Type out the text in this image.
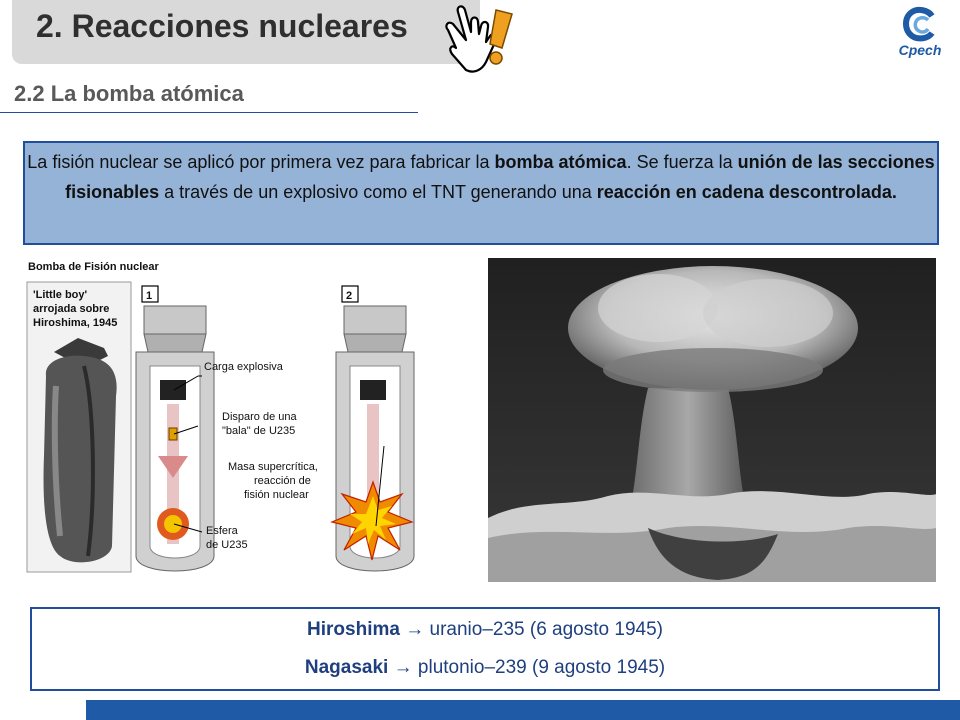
2. Reacciones nucleares
Cpech
2.2 La bomba atómica
La fisión nuclear se aplicó por primera vez para fabricar la bomba atómica. Se fuerza la unión de las secciones fisionables a través de un explosivo como el TNT generando una reacción en cadena descontrolada.
Bomba de Fisión nuclear
'Little boy'
arrojada sobre
Hiroshima, 1945
1	2
Carga explosiva
Disparo de una
"bala" de U235
Masa supercrítica,
reacción de
fisión nuclear
Esfera
de U235
Hiroshima → uranio–235 (6 agosto 1945)
Nagasaki → plutonio–239 (9 agosto 1945)
